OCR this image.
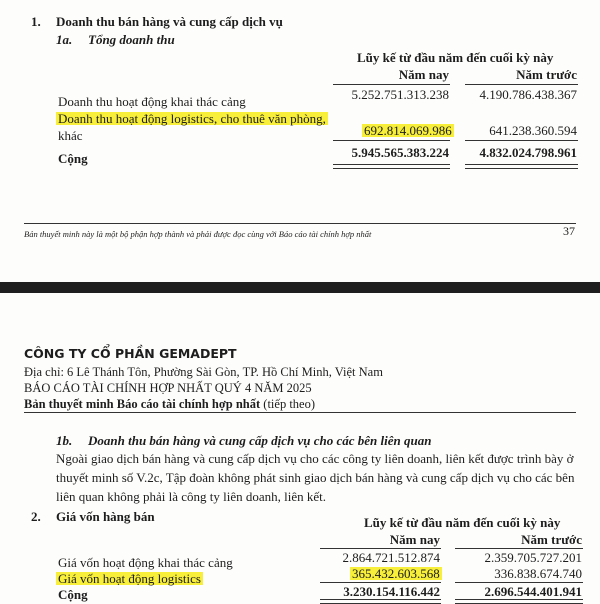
1. Doanh thu bán hàng và cung cấp dịch vụ
1a. Tổng doanh thu
Lũy kế từ đầu năm đến cuối kỳ này
Năm nay	Năm trước
Doanh thu hoạt động khai thác cảng	5.252.751.313.238	4.190.786.438.367
Doanh thu hoạt động logistics, cho thuê văn phòng,
khác	692.814.069.986	641.238.360.594
Cộng	5.945.565.383.224	4.832.024.798.961
Bản thuyết minh này là một bộ phận hợp thành và phải được đọc cùng với Báo cáo tài chính hợp nhất	37
CÔNG TY CỔ PHẦN GEMADEPT
Địa chỉ: 6 Lê Thánh Tôn, Phường Sài Gòn, TP. Hồ Chí Minh, Việt Nam
BÁO CÁO TÀI CHÍNH HỢP NHẤT QUÝ 4 NĂM 2025
Bản thuyết minh Báo cáo tài chính hợp nhất (tiếp theo)
1b. Doanh thu bán hàng và cung cấp dịch vụ cho các bên liên quan
Ngoài giao dịch bán hàng và cung cấp dịch vụ cho các công ty liên doanh, liên kết được trình bày ở
thuyết minh số V.2c, Tập đoàn không phát sinh giao dịch bán hàng và cung cấp dịch vụ cho các bên
liên quan không phải là công ty liên doanh, liên kết.
2. Giá vốn hàng bán	Lũy kế từ đầu năm đến cuối kỳ này
Năm nay	Năm trước
Giá vốn hoạt động khai thác cảng	2.864.721.512.874	2.359.705.727.201
Giá vốn hoạt động logistics	365.432.603.568	336.838.674.740
Cộng	3.230.154.116.442	2.696.544.401.941
